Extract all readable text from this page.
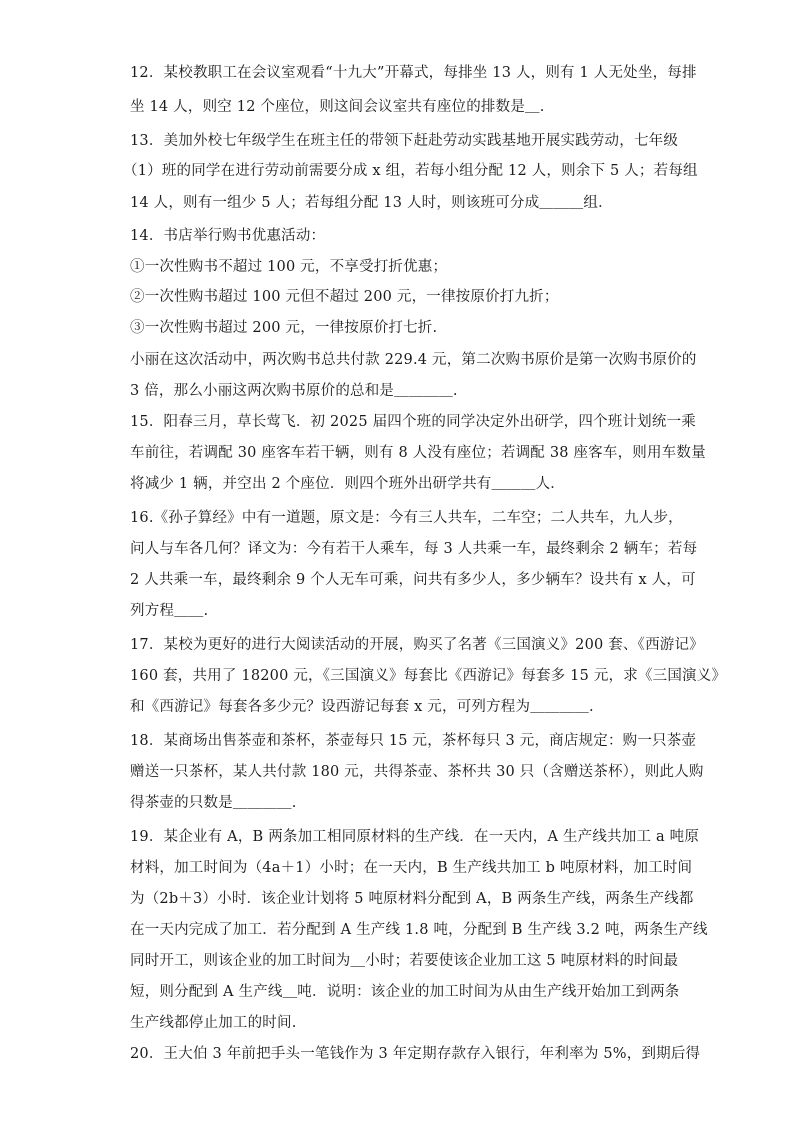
12．某校教职工在会议室观看“十九大”开幕式，每排坐 13 人，则有 1 人无处坐，每排
坐 14 人，则空 12 个座位，则这间会议室共有座位的排数是＿.
13．美加外校七年级学生在班主任的带领下赶赴劳动实践基地开展实践劳动，七年级
（1）班的同学在进行劳动前需要分成 x 组，若每小组分配 12 人，则余下 5 人；若每组
14 人，则有一组少 5 人；若每组分配 13 人时，则该班可分成＿＿＿组．
14．书店举行购书优惠活动：
①一次性购书不超过 100 元，不享受打折优惠；
②一次性购书超过 100 元但不超过 200 元，一律按原价打九折；
③一次性购书超过 200 元，一律按原价打七折.
小丽在这次活动中，两次购书总共付款 229.4 元，第二次购书原价是第一次购书原价的
3 倍，那么小丽这两次购书原价的总和是＿＿＿＿.
15．阳春三月，草长莺飞．初 2025 届四个班的同学决定外出研学，四个班计划统一乘
车前往，若调配 30 座客车若干辆，则有 8 人没有座位；若调配 38 座客车，则用车数量
将减少 1 辆，并空出 2 个座位．则四个班外出研学共有＿＿＿人．
16.《孙子算经》中有一道题，原文是：今有三人共车，二车空；二人共车，九人步，
问人与车各几何？译文为：今有若干人乘车，每 3 人共乘一车，最终剩余 2 辆车；若每
2 人共乘一车，最终剩余 9 个人无车可乘，问共有多少人，多少辆车？设共有 x 人，可
列方程＿＿.
17．某校为更好的进行大阅读活动的开展，购买了名著《三国演义》200 套、《西游记》
160 套，共用了 18200 元，《三国演义》每套比《西游记》每套多 15 元，求《三国演义》
和《西游记》每套各多少元？设西游记每套 x 元，可列方程为＿＿＿＿.
18．某商场出售茶壶和茶杯，茶壶每只 15 元，茶杯每只 3 元，商店规定：购一只茶壶
赠送一只茶杯，某人共付款 180 元，共得茶壶、茶杯共 30 只（含赠送茶杯），则此人购
得茶壶的只数是＿＿＿＿.
19．某企业有 A，B 两条加工相同原材料的生产线．在一天内，A 生产线共加工 a 吨原
材料，加工时间为（4a＋1）小时；在一天内，B 生产线共加工 b 吨原材料，加工时间
为（2b＋3）小时．该企业计划将 5 吨原材料分配到 A，B 两条生产线，两条生产线都
在一天内完成了加工．若分配到 A 生产线 1.8 吨，分配到 B 生产线 3.2 吨，两条生产线
同时开工，则该企业的加工时间为＿小时；若要使该企业加工这 5 吨原材料的时间最
短，则分配到 A 生产线＿吨．说明：该企业的加工时间为从由生产线开始加工到两条
生产线都停止加工的时间.
20．王大伯 3 年前把手头一笔钱作为 3 年定期存款存入银行，年利率为 5%，到期后得
